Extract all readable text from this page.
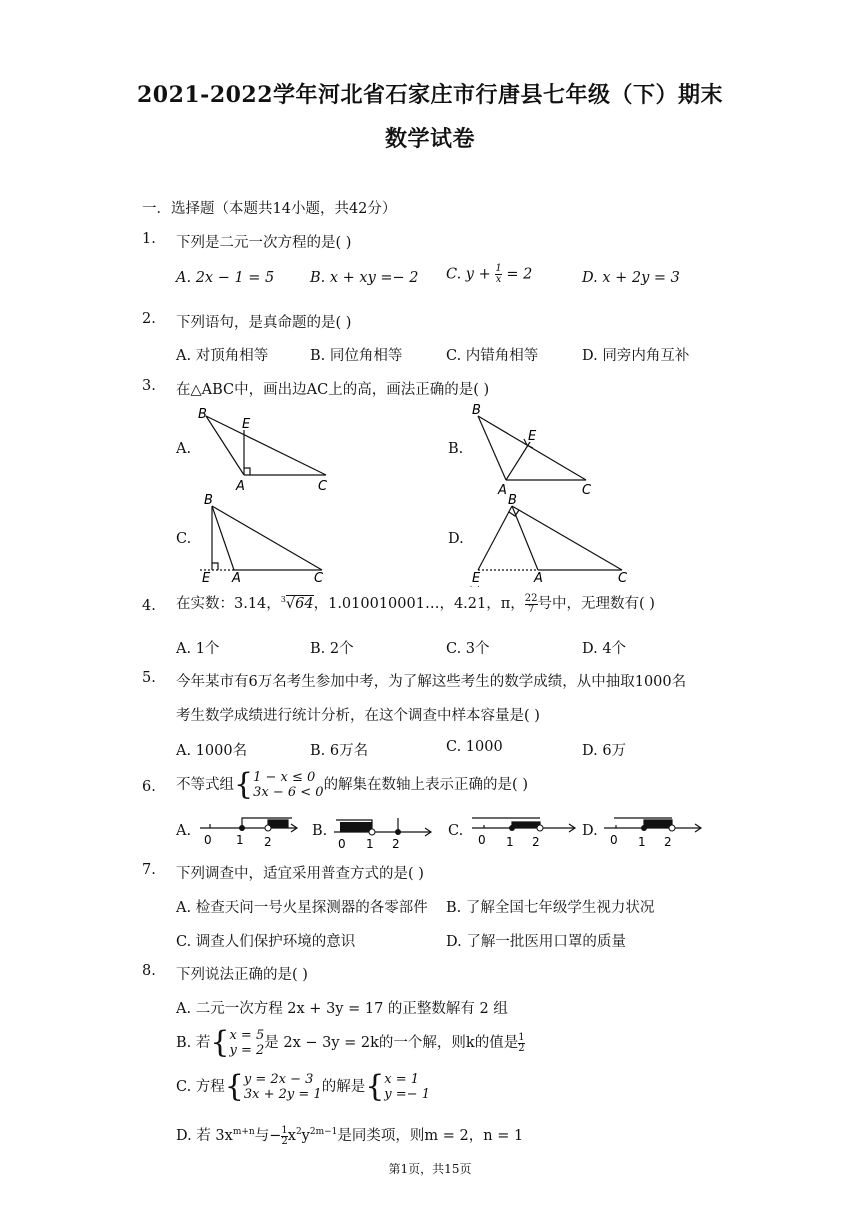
2021-2022学年河北省石家庄市行唐县七年级（下）期末
数学试卷
一．选择题（本题共14小题，共42分）
1. 下列是二元一次方程的是( )
A. 2x − 1 = 5 B. x + xy =− 2 C. $y + \frac{1}{x} = 2$	D. x + 2y = 3
2. 下列语句，是真命题的是( )
A. 对顶角相等	B. 同位角相等	C. 内错角相等	D. 同旁内角互补
3. 在△ABC中，画出边AC上的高，画法正确的是( )
A.
B
E
A	C
B.
B
E
A	C
C.
B
E A	C
D.
B
E	A	C
4. 在实数：3.14，$^3$√64，1.010010001…，4.
˙ ˙
21，π， $\frac{22}{7}$ 号中，无理数有( )
A. 1个	B. 2个	C. 3个	D. 4个
5. 今年某市有6万名考生参加中考，为了解这些考生的数学成绩，从中抽取1000名
考生数学成绩进行统计分析，在这个调查中样本容量是( )
A. 1000名	B. 6万名	C. 1000	D. 6万
6. 不等式组{ 1 − x ≤ 0
3x − 6 < 0 的解集在数轴上表示正确的是( )
A.
0 1 2
B.
0 1 2
C.
0 1 2
D.
0 1 2
7. 下列调查中，适宜采用普查方式的是( )
A. 检查天问一号火星探测器的各零部件 B. 了解全国七年级学生视力状况
C. 调查人们保护环境的意识	D. 了解一批医用口罩的质量
8. 下列说法正确的是( )
A. 二元一次方程 2x + 3y = 17 的正整数解有 2 组
B. 若{ x = 5
y = 2 是 2x − 3y = 2k的一个解，则k的值是 $\frac{1}{2}$
C. 方程{ y = 2x − 3
3x + 2y = 1 的解是{ x = 1
y =− 1
D. 若 $3x^{m+n}$与− $\frac{1}{2} x^2y^{2m-1}$是同类项，则m = 2，n = 1
第1页，共15页
